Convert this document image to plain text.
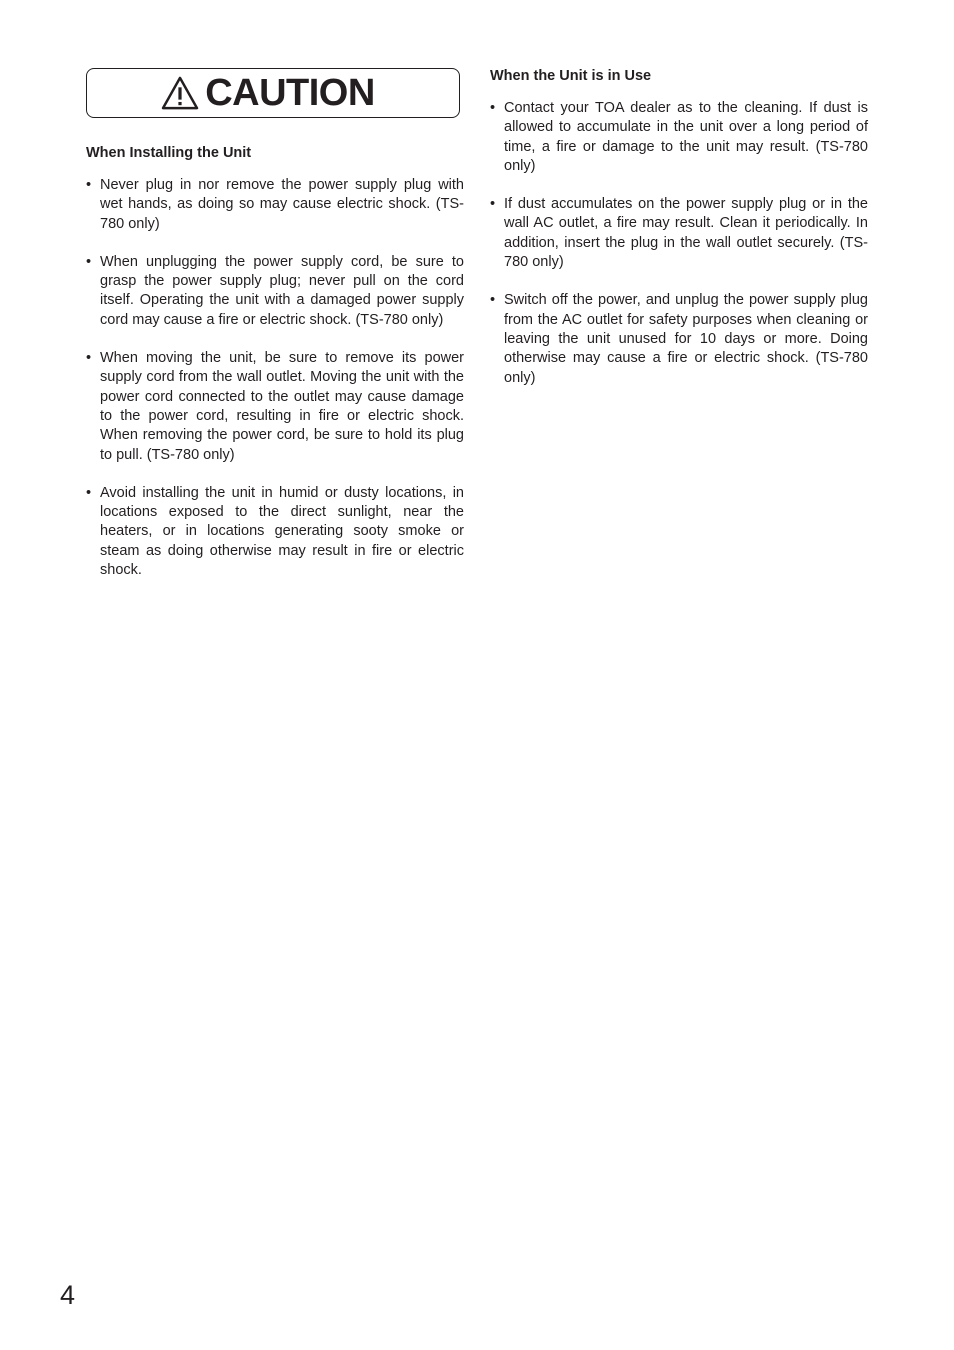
CAUTION
When Installing the Unit
• Never plug in nor remove the power supply plug with wet hands, as doing so may cause electric shock. (TS-780 only)
• When unplugging the power supply cord, be sure to grasp the power supply plug; never pull on the cord itself. Operating the unit with a damaged power supply cord may cause a fire or electric shock. (TS-780 only)
• When moving the unit, be sure to remove its power supply cord from the wall outlet. Moving the unit with the power cord connected to the outlet may cause damage to the power cord, resulting in fire or electric shock. When removing the power cord, be sure to hold its plug to pull. (TS-780 only)
• Avoid installing the unit in humid or dusty locations, in locations exposed to the direct sunlight, near the heaters, or in locations generating sooty smoke or steam as doing otherwise may result in fire or electric shock.
When the Unit is in Use
• Contact your TOA dealer as to the cleaning. If dust is allowed to accumulate in the unit over a long period of time, a fire or damage to the unit may result. (TS-780 only)
• If dust accumulates on the power supply plug or in the wall AC outlet, a fire may result. Clean it periodically. In addition, insert the plug in the wall outlet securely. (TS-780 only)
• Switch off the power, and unplug the power supply plug from the AC outlet for safety purposes when cleaning or leaving the unit unused for 10 days or more. Doing otherwise may cause a fire or electric shock. (TS-780 only)
4
